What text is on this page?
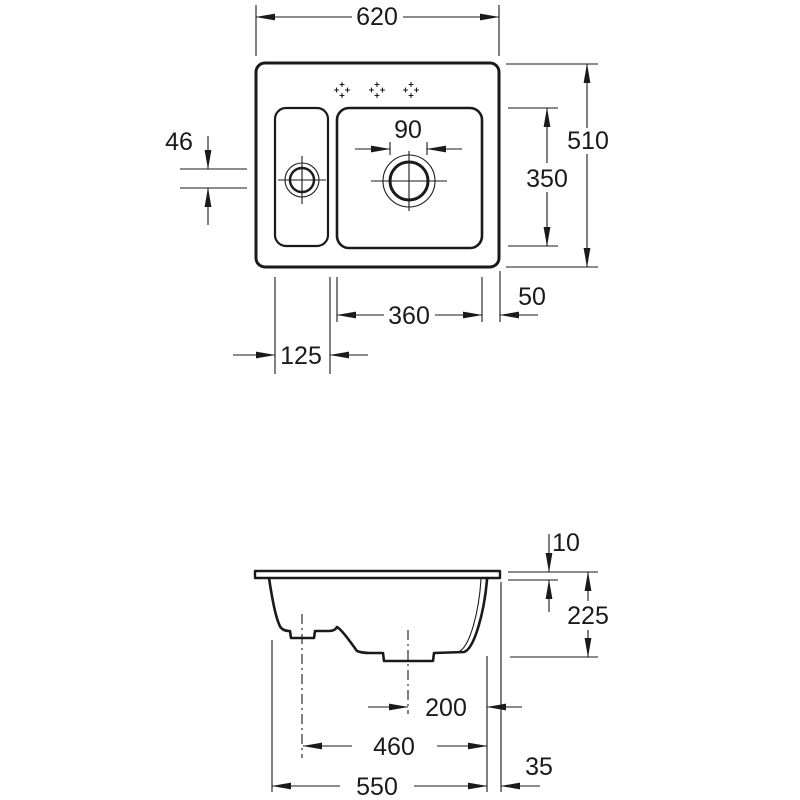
620
510
350
46	90
360
50
125
10
225
200
460
550
35
